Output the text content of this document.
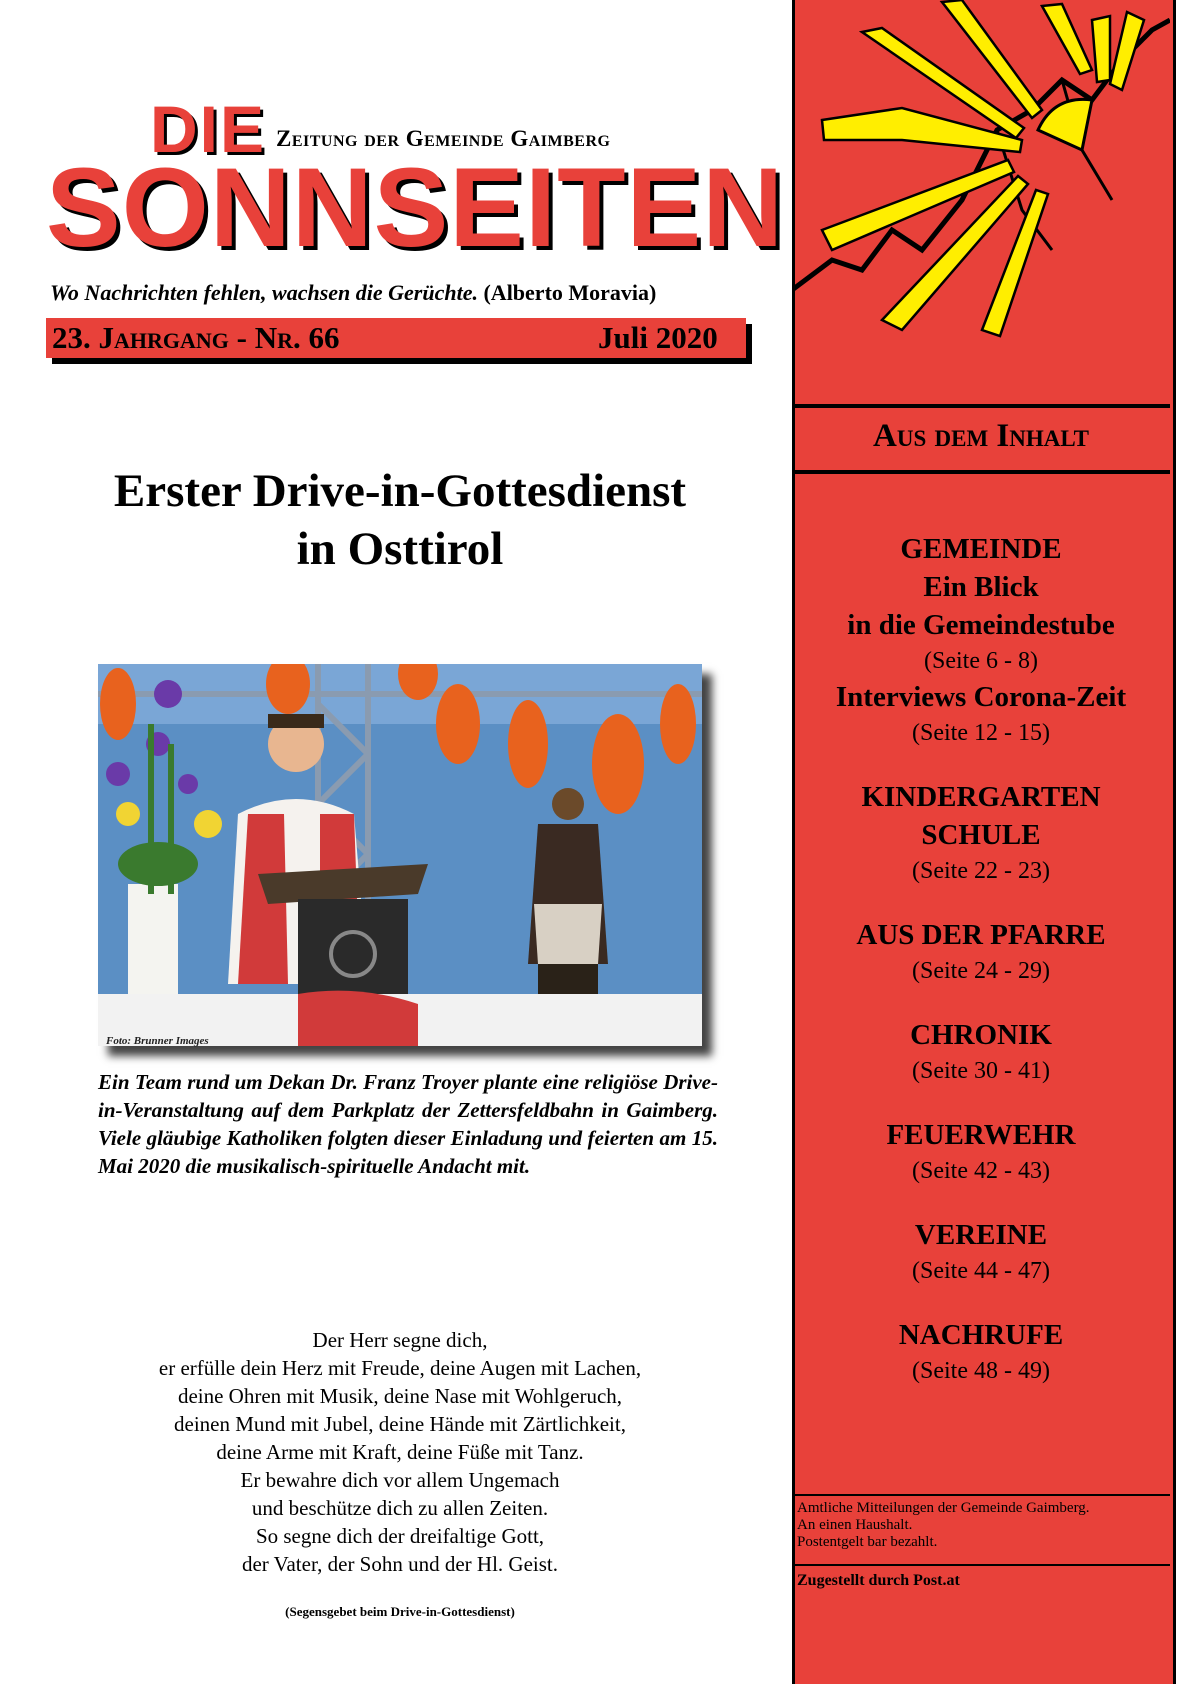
Aus dem Inhalt
GEMEINDE
Ein Blick
in die Gemeindestube
(Seite 6 - 8)
Interviews Corona-Zeit
(Seite 12 - 15)
KINDERGARTEN
SCHULE
(Seite 22 - 23)
AUS DER PFARRE
(Seite 24 - 29)
CHRONIK
(Seite 30 - 41)
FEUERWEHR
(Seite 42 - 43)
VEREINE
(Seite 44 - 47)
NACHRUFE
(Seite 48 - 49)
Amtliche Mitteilungen der Gemeinde Gaimberg.
An einen Haushalt.
Postentgelt bar bezahlt.
Zugestellt durch Post.at
DIE Zeitung der Gemeinde Gaimberg
SONNSEITEN
Wo Nachrichten fehlen, wachsen die Gerüchte. (Alberto Moravia)
23. Jahrgang - Nr. 66	Juli 2020
Erster Drive-in-Gottesdienst
in Osttirol
Foto: Brunner Images
Ein Team rund um Dekan Dr. Franz Troyer plante eine religiöse Drive-in-Veranstaltung auf dem Parkplatz der Zettersfeldbahn in Gaimberg. Viele gläubige Katholiken folgten dieser Einladung und feierten am 15. Mai 2020 die musikalisch-spirituelle Andacht mit.
Der Herr segne dich,
er erfülle dein Herz mit Freude, deine Augen mit Lachen,
deine Ohren mit Musik, deine Nase mit Wohlgeruch,
deinen Mund mit Jubel, deine Hände mit Zärtlichkeit,
deine Arme mit Kraft, deine Füße mit Tanz.
Er bewahre dich vor allem Ungemach
und beschütze dich zu allen Zeiten.
So segne dich der dreifaltige Gott,
der Vater, der Sohn und der Hl. Geist.
(Segensgebet beim Drive-in-Gottesdienst)
